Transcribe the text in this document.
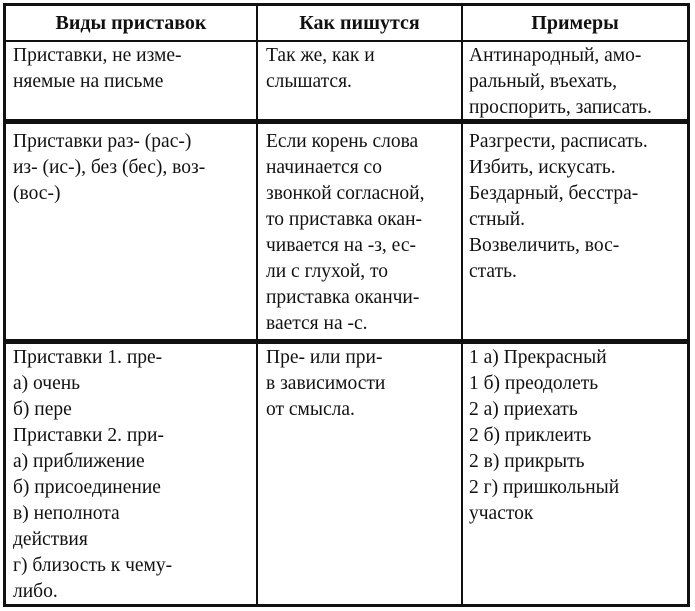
Виды приставок	Как пишутся	Примеры
Приставки, не изме-
няемые на письме
Так же, как и
слышатся.
Антинародный, амо-
ральный, въехать,
проспорить, записать.
Приставки раз- (рас-)
из- (ис-), без (бес), воз-
(вос-)
Если корень слова
начинается со
звонкой согласной,
то приставка окан-
чивается на -з, ес-
ли с глухой, то
приставка оканчи-
вается на -с.
Разгрести, расписать.
Избить, искусать.
Бездарный, бесстра-
стный.
Возвеличить, вос-
стать.
Приставки 1. пре-
а) очень
б) пере
Приставки 2. при-
а) приближение
б) присоединение
в) неполнота
действия
г) близость к чему-
либо.
Пре- или при-
в зависимости
от смысла.
1 а) Прекрасный
1 б) преодолеть
2 а) приехать
2 б) приклеить
2 в) прикрыть
2 г) пришкольный
участок
